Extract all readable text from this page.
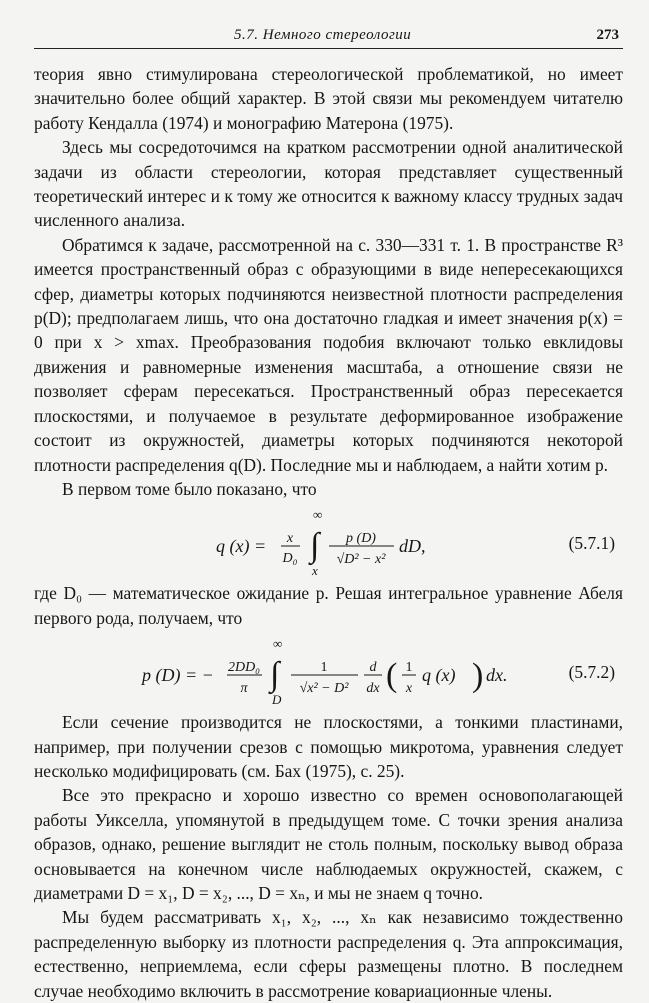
5.7. Немного стереологии	273

теория явно стимулирована стереологической проблематикой, но имеет значительно более общий характер. В этой связи мы рекомендуем читателю работу Кендалла (1974) и монографию Матерона (1975).

Здесь мы сосредоточимся на кратком рассмотрении одной аналитической задачи из области стереологии, которая представляет существенный теоретический интерес и к тому же относится к важному классу трудных задач численного анализа.

Обратимся к задаче, рассмотренной на с. 330—331 т. 1. В пространстве R³ имеется пространственный образ с образующими в виде непересекающихся сфер, диаметры которых подчиняются неизвестной плотности распределения p(D); предполагаем лишь, что она достаточно гладкая и имеет значения p(x) = 0 при x > xmax. Преобразования подобия включают только евклидовы движения и равномерные изменения масштаба, а отношение связи не позволяет сферам пересекаться. Пространственный образ пересекается плоскостями, и получаемое в результате деформированное изображение состоит из окружностей, диаметры которых подчиняются некоторой плотности распределения q(D). Последние мы и наблюдаем, а найти хотим p.

В первом томе было показано, что

q (x) = x
D₀ ∫
∞
x
p (D)
√D² − x²
dD,	(5.7.1)

где D₀ — математическое ожидание p. Решая интегральное уравнение Абеля первого рода, получаем, что

p (D) = − 2DD₀
π ∫
∞
D
1
√x² − D²
d
dx ( 1
x
q (x) ) dx.	(5.7.2)

Если сечение производится не плоскостями, а тонкими пластинами, например, при получении срезов с помощью микротома, уравнения следует несколько модифицировать (см. Бах (1975), с. 25).

Все это прекрасно и хорошо известно со времен основополагающей работы Уикселла, упомянутой в предыдущем томе. С точки зрения анализа образов, однако, решение выглядит не столь полным, поскольку вывод образа основывается на конечном числе наблюдаемых окружностей, скажем, с диаметрами D = x₁, D = x₂, ..., D = xₙ, и мы не знаем q точно.

Мы будем рассматривать x₁, x₂, ..., xₙ как независимо тождественно распределенную выборку из плотности распределения q. Эта аппроксимация, естественно, неприемлема, если сферы размещены плотно. В последнем случае необходимо включить в рассмотрение ковариационные члены.
